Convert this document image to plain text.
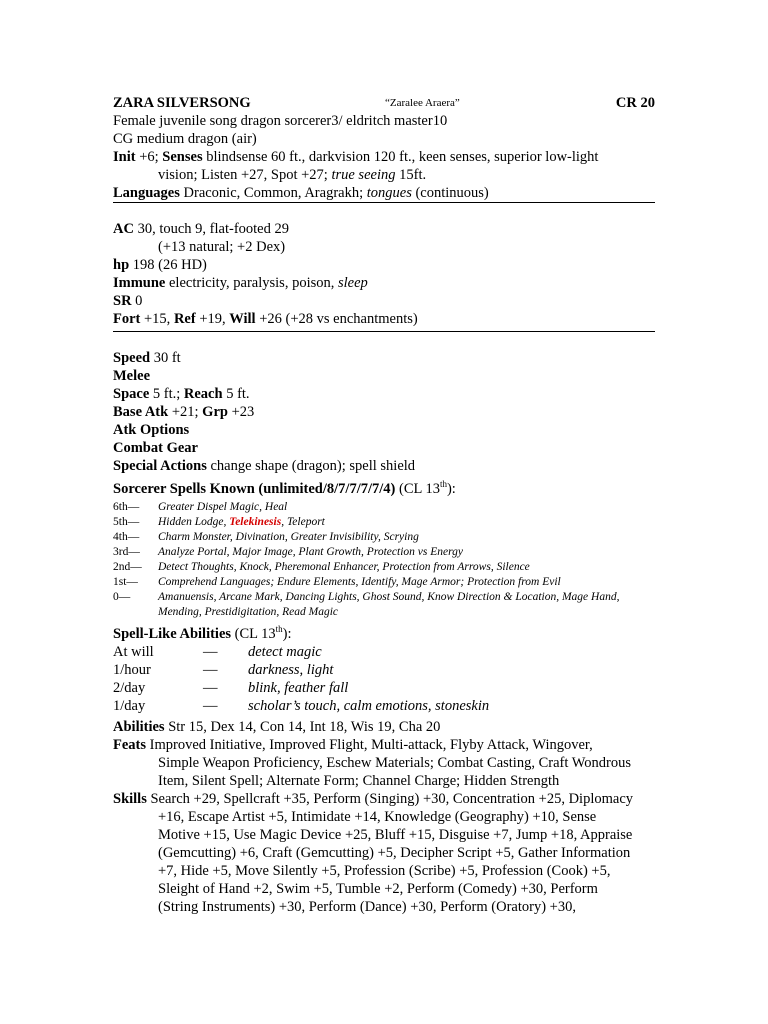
ZARA SILVERSONG	“Zaralee Araera”	CR 20
Female juvenile song dragon sorcerer3/ eldritch master10
CG medium dragon (air)
Init +6; Senses blindsense 60 ft., darkvision 120 ft., keen senses, superior low-light
vision; Listen +27, Spot +27; true seeing 15ft.
Languages Draconic, Common, Aragrakh; tongues (continuous)
AC 30, touch 9, flat-footed 29
(+13 natural; +2 Dex)
hp 198 (26 HD)
Immune electricity, paralysis, poison, sleep
SR 0
Fort +15, Ref +19, Will +26 (+28 vs enchantments)
Speed 30 ft
Melee
Space 5 ft.; Reach 5 ft.
Base Atk +21; Grp +23
Atk Options
Combat Gear
Special Actions change shape (dragon); spell shield
Sorcerer Spells Known (unlimited/8/7/7/7/7/4) (CL 13th):
6th— Greater Dispel Magic, Heal
5th— Hidden Lodge, Telekinesis, Teleport
4th— Charm Monster, Divination, Greater Invisibility, Scrying
3rd— Analyze Portal, Major Image, Plant Growth, Protection vs Energy
2nd— Detect Thoughts, Knock, Pheremonal Enhancer, Protection from Arrows, Silence
1st— Comprehend Languages; Endure Elements, Identify, Mage Armor; Protection from Evil
0—	Amanuensis, Arcane Mark, Dancing Lights, Ghost Sound, Know Direction & Location, Mage Hand, Mending, Prestidigitation, Read Magic
Spell-Like Abilities (CL 13th):
At will	— detect magic
1/hour	— darkness, light
2/day	— blink, feather fall
1/day	— scholar’s touch, calm emotions, stoneskin
Abilities Str 15, Dex 14, Con 14, Int 18, Wis 19, Cha 20
Feats Improved Initiative, Improved Flight, Multi-attack, Flyby Attack, Wingover,
Simple Weapon Proficiency, Eschew Materials; Combat Casting, Craft Wondrous
Item, Silent Spell; Alternate Form; Channel Charge; Hidden Strength
Skills Search +29, Spellcraft +35, Perform (Singing) +30, Concentration +25, Diplomacy
+16, Escape Artist +5, Intimidate +14, Knowledge (Geography) +10, Sense
Motive +15, Use Magic Device +25, Bluff +15, Disguise +7, Jump +18, Appraise
(Gemcutting) +6, Craft (Gemcutting) +5, Decipher Script +5, Gather Information
+7, Hide +5, Move Silently +5, Profession (Scribe) +5, Profession (Cook) +5,
Sleight of Hand +2, Swim +5, Tumble +2, Perform (Comedy) +30, Perform
(String Instruments) +30, Perform (Dance) +30, Perform (Oratory) +30,
